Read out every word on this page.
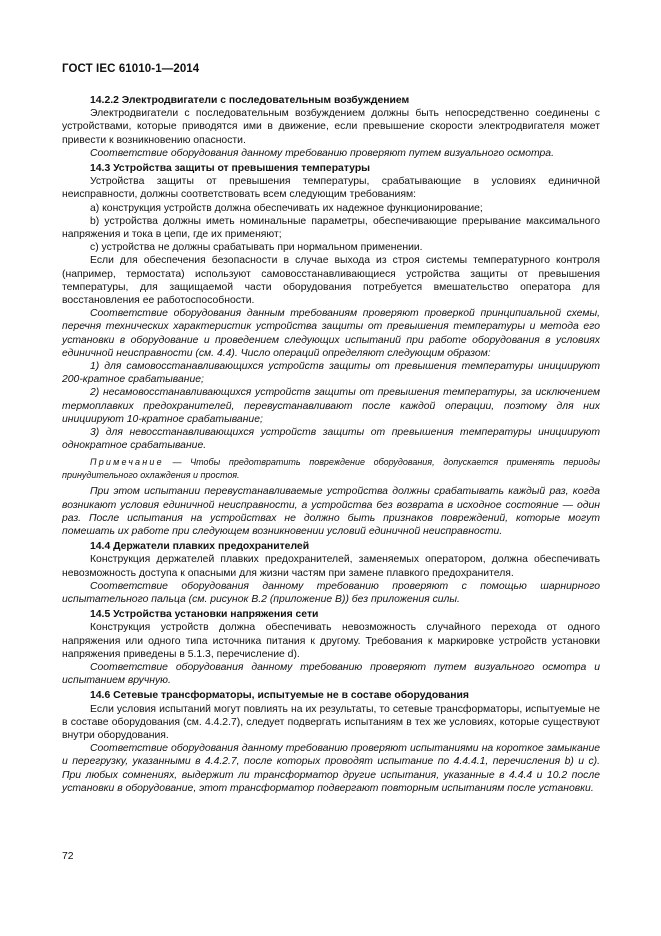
ГОСТ IEC 61010-1—2014

14.2.2 Электродвигатели с последовательным возбуждением

Электродвигатели с последовательным возбуждением должны быть непосредственно соединены с устройствами, которые приводятся ими в движение, если превышение скорости электродвигателя может привести к возникновению опасности.

Соответствие оборудования данному требованию проверяют путем визуального осмотра.

14.3 Устройства защиты от превышения температуры

Устройства защиты от превышения температуры, срабатывающие в условиях единичной неисправности, должны соответствовать всем следующим требованиям:

а) конструкция устройств должна обеспечивать их надежное функционирование;

b) устройства должны иметь номинальные параметры, обеспечивающие прерывание максимального напряжения и тока в цепи, где их применяют;

с) устройства не должны срабатывать при нормальном применении.

Если для обеспечения безопасности в случае выхода из строя системы температурного контроля (например, термостата) используют самовосстанавливающиеся устройства защиты от превышения температуры, для защищаемой части оборудования потребуется вмешательство оператора для восстановления ее работоспособности.

Соответствие оборудования данным требованиям проверяют проверкой принципиальной схемы, перечня технических характеристик устройства защиты от превышения температуры и метода его установки в оборудование и проведением следующих испытаний при работе оборудования в условиях единичной неисправности (см. 4.4). Число операций определяют следующим образом:

1) для самовосстанавливающихся устройств защиты от превышения температуры инициируют 200-кратное срабатывание;

2) несамовосстанавливающихся устройств защиты от превышения температуры, за исключением термоплавких предохранителей, перевустанавливают после каждой операции, поэтому для них инициируют 10-кратное срабатывание;

3) для невосстанавливающихся устройств защиты от превышения температуры инициируют однократное срабатывание.

Примечание — Чтобы предотвратить повреждение оборудования, допускается применять периоды принудительного охлаждения и простоя.

При этом испытании перевустанавливаемые устройства должны срабатывать каждый раз, когда возникают условия единичной неисправности, а устройства без возврата в исходное состояние — один раз. После испытания на устройствах не должно быть признаков повреждений, которые могут помешать их работе при следующем возникновении условий единичной неисправности.

14.4 Держатели плавких предохранителей

Конструкция держателей плавких предохранителей, заменяемых оператором, должна обеспечивать невозможность доступа к опасными для жизни частям при замене плавкого предохранителя.

Соответствие оборудования данному требованию проверяют с помощью шарнирного испытательного пальца (см. рисунок В.2 (приложение В)) без приложения силы.

14.5 Устройства установки напряжения сети

Конструкция устройств должна обеспечивать невозможность случайного перехода от одного напряжения или одного типа источника питания к другому. Требования к маркировке устройств установки напряжения приведены в 5.1.3, перечисление d).

Соответствие оборудования данному требованию проверяют путем визуального осмотра и испытанием вручную.

14.6 Сетевые трансформаторы, испытуемые не в составе оборудования

Если условия испытаний могут повлиять на их результаты, то сетевые трансформаторы, испытуемые не в составе оборудования (см. 4.4.2.7), следует подвергать испытаниям в тех же условиях, которые существуют внутри оборудования.

Соответствие оборудования данному требованию проверяют испытаниями на короткое замыкание и перегрузку, указанными в 4.4.2.7, после которых проводят испытание по 4.4.4.1, перечисления b) и c). При любых сомнениях, выдержит ли трансформатор другие испытания, указанные в 4.4.4 и 10.2 после установки в оборудование, этот трансформатор подвергают повторным испытаниям после установки.

72
